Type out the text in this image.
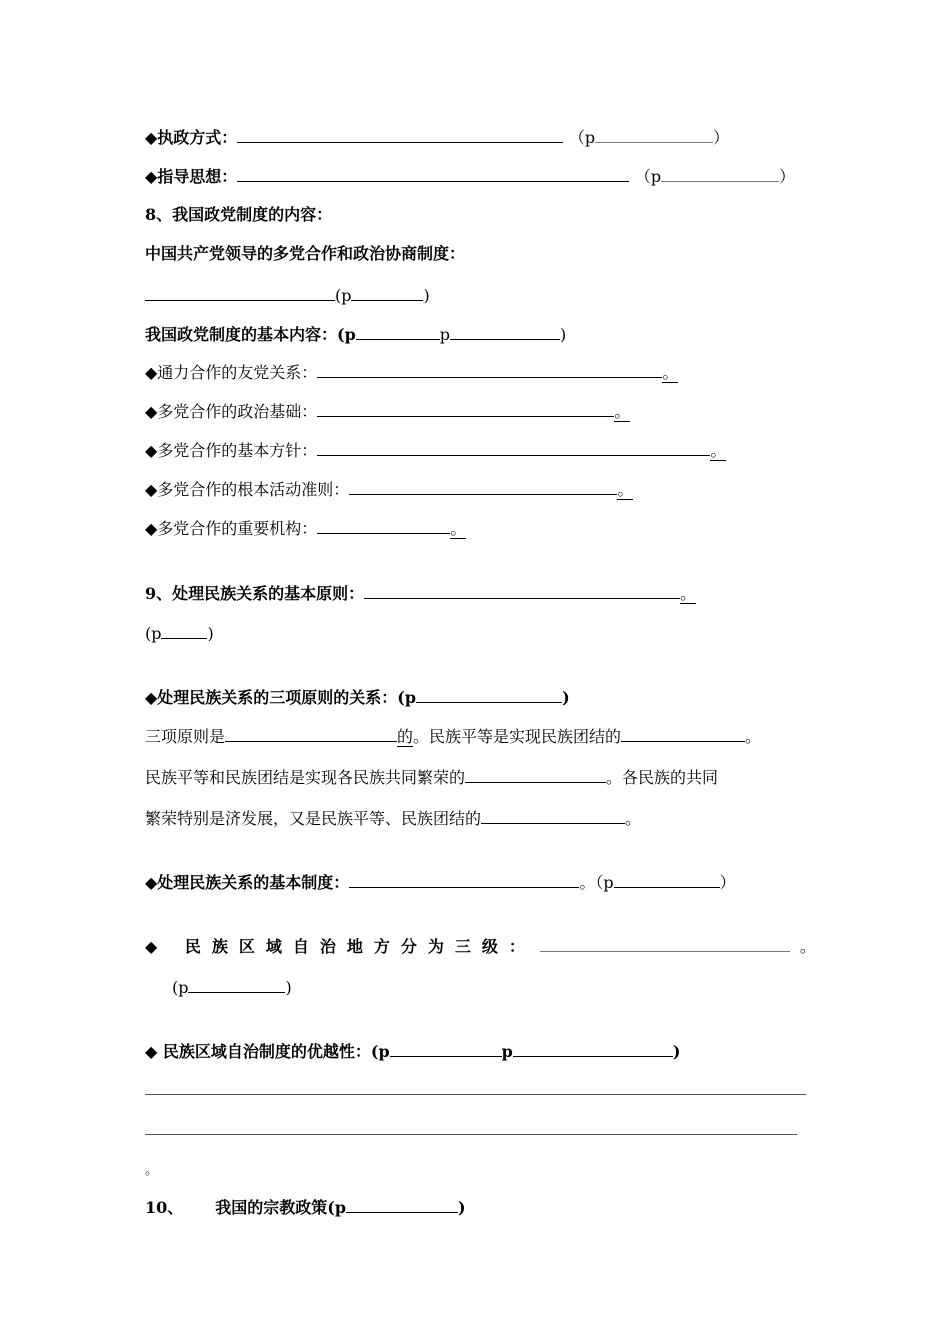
◆执政方式：	（p	）
◆指导思想：	（p	）
8、我国政党制度的内容：
中国共产党领导的多党合作和政治协商制度：
(p	)
我国政党制度的基本内容：(p	p	)
◆通力合作的友党关系：	。
◆多党合作的政治基础：	。
◆多党合作的基本方针：	。
◆多党合作的根本活动准则：	。
◆多党合作的重要机构：	。
9、处理民族关系的基本原则：	。
(p	)
◆处理民族关系的三项原则的关系：(p	)
三项原则是	的。民族平等是实现民族团结的	。
民族平等和民族团结是实现各民族共同繁荣的	。各民族的共同
繁荣特别是济发展，又是民族平等、民族团结的	。
◆处理民族关系的基本制度：	。（p	）
◆ 民族区域自治地方分为三级：	。
(p	)
◆ 民族区域自治制度的优越性：(p	p	)
。
10、 我国的宗教政策(p	)
